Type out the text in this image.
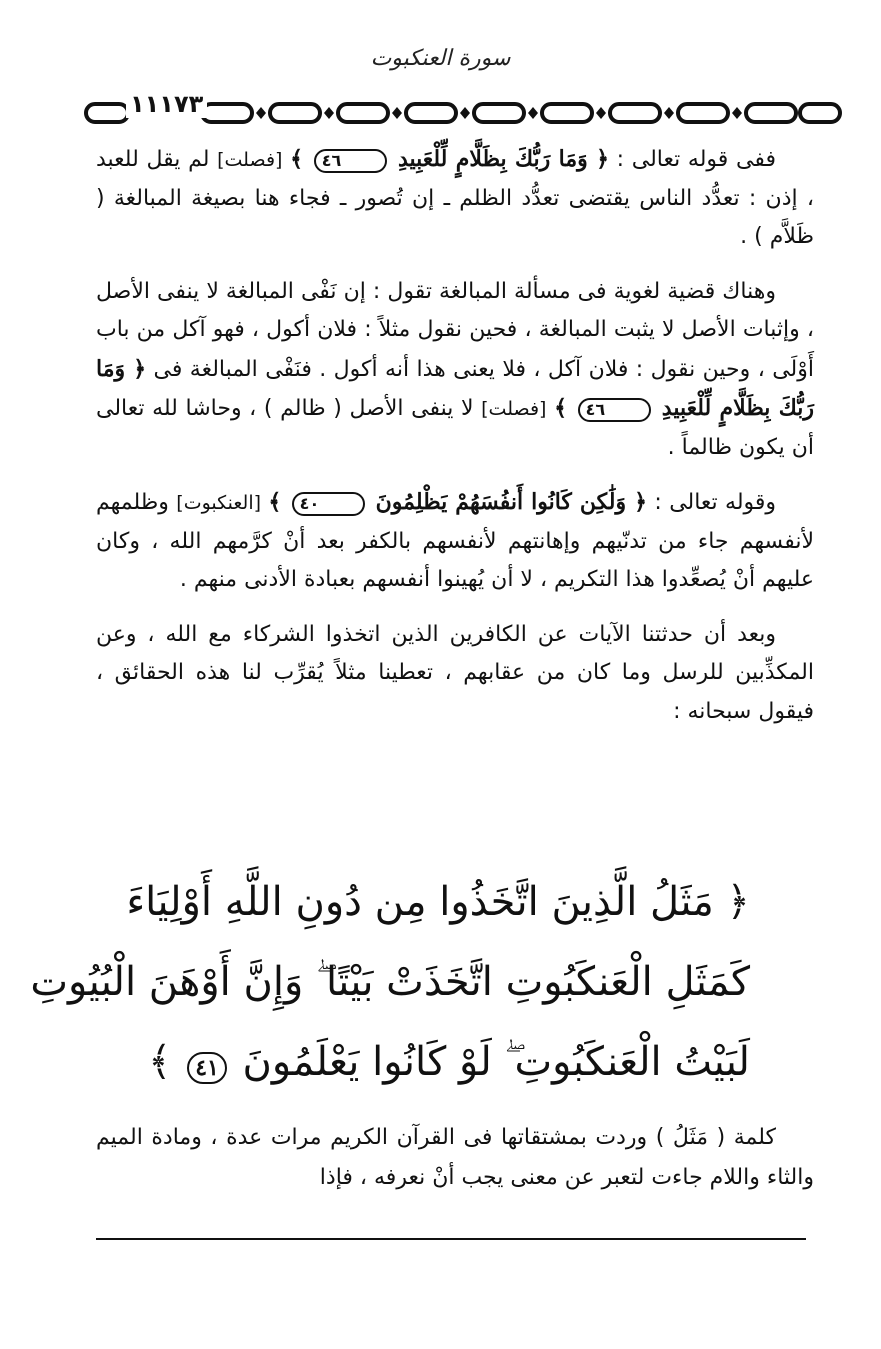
سورة العنكبوت
١١١٧٣

ففى قوله تعالى : ﴿ وَمَا رَبُّكَ بِظَلَّامٍ لِّلْعَبِيدِ ٤٦ ﴾ [فصلت] لم يقل للعبد ، إذن : تعدُّد الناس يقتضى تعدُّد الظلم ـ إن تُصور ـ فجاء هنا بصيغة المبالغة ( ظَلاَّم ) .

وهناك قضية لغوية فى مسألة المبالغة تقول : إن نَفْى المبالغة لا ينفى الأصل ، وإثبات الأصل لا يثبت المبالغة ، فحين نقول مثلاً : فلان أكول ، فهو آكل من باب أَوْلَى ، وحين نقول : فلان آكل ، فلا يعنى هذا أنه أكول . فنَفْى المبالغة فى ﴿ وَمَا رَبُّكَ بِظَلَّامٍ لِّلْعَبِيدِ ٤٦ ﴾ [فصلت] لا ينفى الأصل ( ظالم ) ، وحاشا لله تعالى أن يكون ظالماً .

وقوله تعالى : ﴿ وَلَٰكِن كَانُوا أَنفُسَهُمْ يَظْلِمُونَ ٤٠ ﴾ [العنكبوت] وظلمهم لأنفسهم جاء من تدنّيهم وإهانتهم لأنفسهم بالكفر بعد أنْ كرَّمهم الله ، وكان عليهم أنْ يُصعِّدوا هذا التكريم ، لا أن يُهينوا أنفسهم بعبادة الأدنى منهم .

وبعد أن حدثتنا الآيات عن الكافرين الذين اتخذوا الشركاء مع الله ، وعن المكذِّبين للرسل وما كان من عقابهم ، تعطينا مثلاً يُقرِّب لنا هذه الحقائق ، فيقول سبحانه :

﴿ مَثَلُ الَّذِينَ اتَّخَذُوا مِن دُونِ اللَّهِ أَوْلِيَاءَ
كَمَثَلِ الْعَنكَبُوتِ اتَّخَذَتْ بَيْتًا ۖ وَإِنَّ أَوْهَنَ الْبُيُوتِ
لَبَيْتُ الْعَنكَبُوتِ ۖ لَوْ كَانُوا يَعْلَمُونَ ٤١ ﴾

كلمة ( مَثَلُ ) وردت بمشتقاتها فى القرآن الكريم مرات عدة ، ومادة الميم والثاء واللام جاءت لتعبر عن معنى يجب أنْ نعرفه ، فإذا
